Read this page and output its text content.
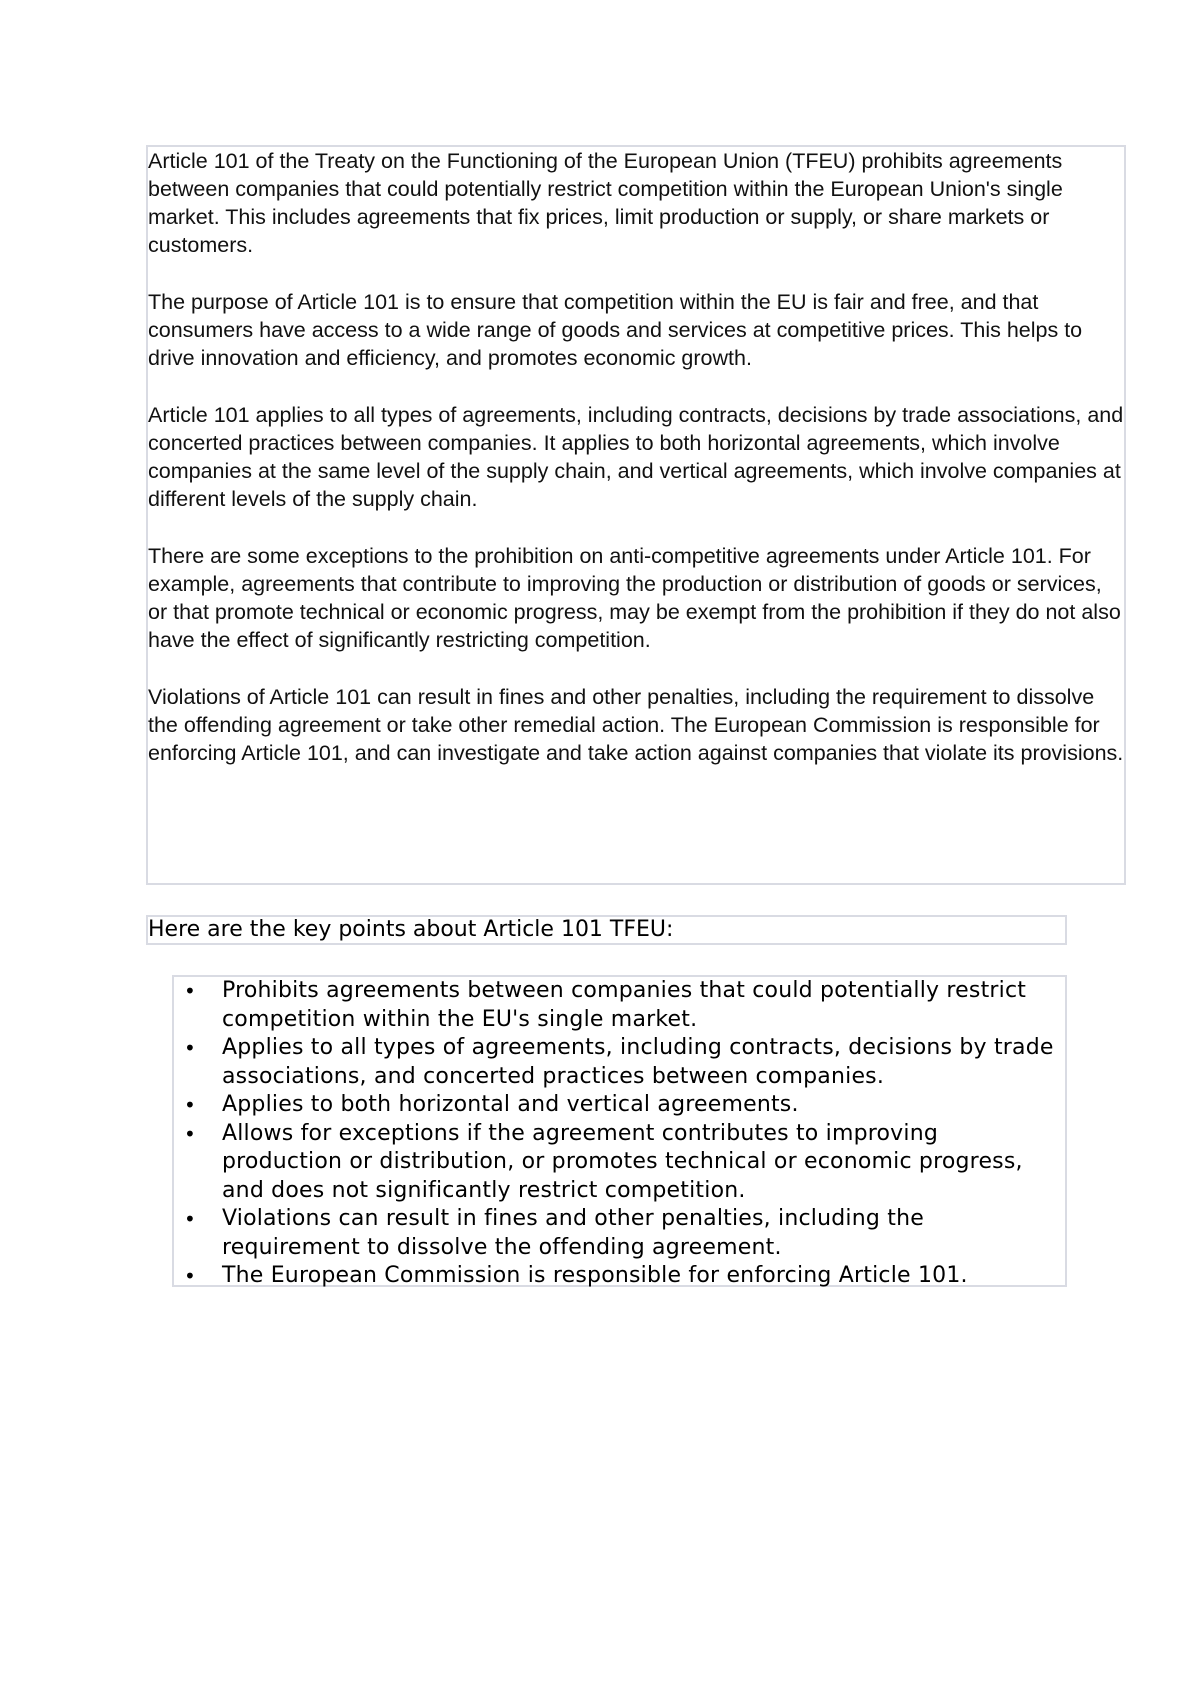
Article 101 of the Treaty on the Functioning of the European Union (TFEU) prohibits agreements between companies that could potentially restrict competition within the European Union's single market. This includes agreements that fix prices, limit production or supply, or share markets or customers.

The purpose of Article 101 is to ensure that competition within the EU is fair and free, and that consumers have access to a wide range of goods and services at competitive prices. This helps to drive innovation and efficiency, and promotes economic growth.

Article 101 applies to all types of agreements, including contracts, decisions by trade associations, and concerted practices between companies. It applies to both horizontal agreements, which involve companies at the same level of the supply chain, and vertical agreements, which involve companies at different levels of the supply chain.

There are some exceptions to the prohibition on anti-competitive agreements under Article 101. For example, agreements that contribute to improving the production or distribution of goods or services, or that promote technical or economic progress, may be exempt from the prohibition if they do not also have the effect of significantly restricting competition.

Violations of Article 101 can result in fines and other penalties, including the requirement to dissolve the offending agreement or take other remedial action. The European Commission is responsible for enforcing Article 101, and can investigate and take action against companies that violate its provisions.

Here are the key points about Article 101 TFEU:
•	Prohibits agreements between companies that could potentially restrict competition within the EU's single market.
•	Applies to all types of agreements, including contracts, decisions by trade associations, and concerted practices between companies.
•	Applies to both horizontal and vertical agreements.
•	Allows for exceptions if the agreement contributes to improving production or distribution, or promotes technical or economic progress, and does not significantly restrict competition.
•	Violations can result in fines and other penalties, including the requirement to dissolve the offending agreement.
•	The European Commission is responsible for enforcing Article 101.
